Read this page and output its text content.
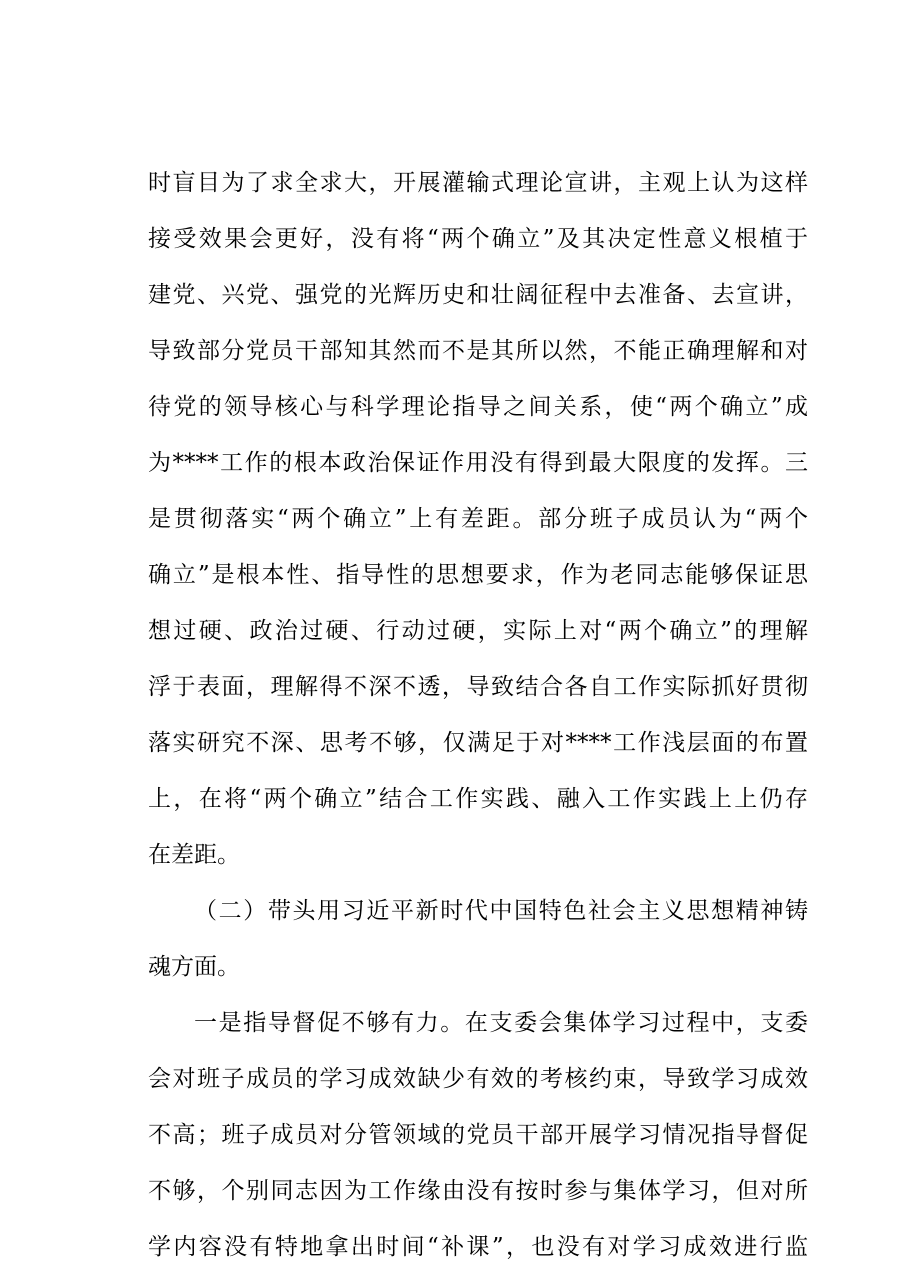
时盲目为了求全求大，开展灌输式理论宣讲，主观上认为这样
接受效果会更好，没有将“两个确立”及其决定性意义根植于
建党、兴党、强党的光辉历史和壮阔征程中去准备、去宣讲，
导致部分党员干部知其然而不是其所以然，不能正确理解和对
待党的领导核心与科学理论指导之间关系，使“两个确立”成
为****工作的根本政治保证作用没有得到最大限度的发挥。三
是贯彻落实“两个确立”上有差距。部分班子成员认为“两个
确立”是根本性、指导性的思想要求，作为老同志能够保证思
想过硬、政治过硬、行动过硬，实际上对“两个确立”的理解
浮于表面，理解得不深不透，导致结合各自工作实际抓好贯彻
落实研究不深、思考不够，仅满足于对****工作浅层面的布置
上，在将“两个确立”结合工作实践、融入工作实践上上仍存
在差距。
（二）带头用习近平新时代中国特色社会主义思想精神铸
魂方面。
一是指导督促不够有力。在支委会集体学习过程中，支委
会对班子成员的学习成效缺少有效的考核约束，导致学习成效
不高；班子成员对分管领域的党员干部开展学习情况指导督促
不够，个别同志因为工作缘由没有按时参与集体学习，但对所
学内容没有特地拿出时间“补课”，也没有对学习成效进行监
